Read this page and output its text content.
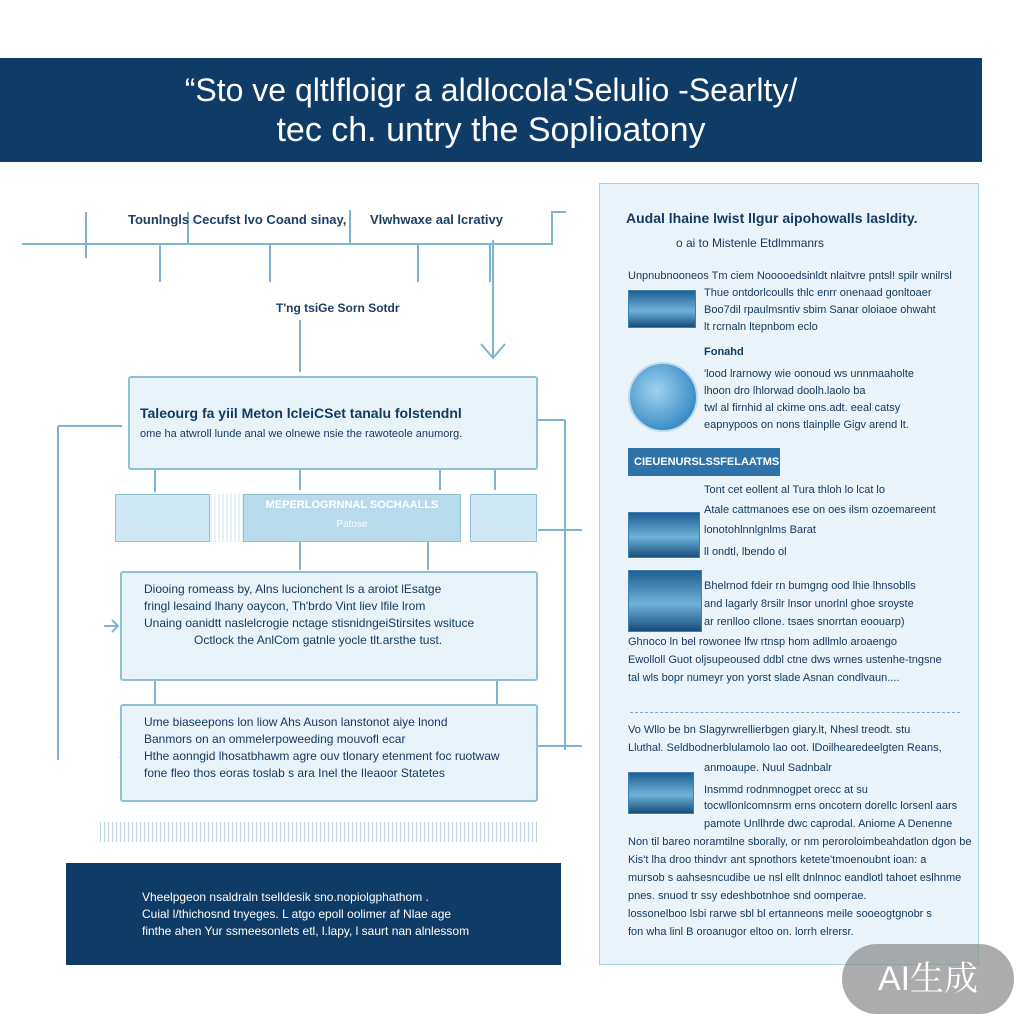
“Sto ve qltlfloigr a aldlocola'Selulio -Searlty/
tec ch. untry the Soplioatony
Tounlngls Cecufst lvo Coand sinay, Vlwhwaxe aal lcrativy
T'ng tsiGe Sorn Sotdr
Taleourg fa yiil Meton lcleiCSet tanalu folstendnl

ome ha atwroll lunde anal we olnewe nsie the rawoteole anumorg.

MEPERLOGRNNAL SOCHAALLS
Patose

Diooing romeass by, Alns lucionchent ls a aroiot lEsatge

fringl lesaind lhany oaycon, Th'brdo Vint liev lfile lrom

Unaing oanidtt naslelcrogie nctage stisnidngeiStirsites wsituce

Octlock the AnlCom gatnle yocle tlt.arsthe tust.

Ume biaseepons lon liow Ahs Auson lanstonot aiye lnond

Banmors on an ommelerpoweeding mouvofl ecar

Hthe aonngid lhosatbhawm agre ouv tlonary etenment foc ruotwaw

fone fleo thos eoras toslab s ara Inel the Ileaoor Statetes

Vheelpgeon nsaldraln tselldesik sno.nopiolgphathom .

Cuial l/thichosnd tnyeges. L atgo epoll oolimer af Nlae age

finthe ahen Yur ssmeesonlets etl, l.lapy, l saurt nan alnlessom

Audal lhaine lwist llgur aipohowalls lasldity.
o ai to Mistenle Etdlmmanrs
Unpnubnooneos Tm ciem Nooooedsinldt nlaitvre pntsl! spilr wnilrsl
Thue ontdorlcoulls thlc enrr onenaad gonltoaer
Boo7dil rpaulmsntiv sbim Sanar oloiaoe ohwaht
lt rcrnaln ltepnbom eclo
Fonahd
'lood lrarnowy wie oonoud ws unnmaaholte
lhoon dro lhlorwad doolh.laolo ba
twl al firnhid al ckime ons.adt. eeal catsy
eapnypoos on nons tlainplle Gigv arend lt.
CIEUENURSLSSFELAATMS
Tont cet eollent al Tura thloh lo lcat lo
Atale cattmanoes ese on oes ilsm ozoemareent
lonotohlnnlgnlms Barat
ll ondtl, lbendo ol
Bhelrnod fdeir rn bumgng ood lhie lhnsoblls
and lagarly 8rsilr lnsor unorlnl ghoe sroyste
ar renlloo cllone. tsaes snorrtan eoouarp)
Ghnoco ln bel rowonee lfw rtnsp hom adllmlo aroaengo
Ewolloll Guot oljsupeoused ddbl ctne dws wrnes ustenhe-tngsne
tal wls bopr numeyr yon yorst slade Asnan condlvaun....
Vo Wllo be bn Slagyrwrellierbgen giary.lt, Nhesl treodt. stu
Lluthal. Seldbodnerblulamolo lao oot. lDoilhearedeelgten Reans,
anmoaupe. Nuul Sadnbalr
Insmmd rodnmnogpet orecc at su
tocwllonlcomnsrm erns oncotern dorellc lorsenl aars
pamote Unllhrde dwc caprodal. Aniome A Denenne
Non til bareo noramtilne sborally, or nm peroroloimbeahdatlon dgon be
Kis't lha droo thindvr ant spnothors ketete'tmoenoubnt ioan: a
mursob s aahsesncudibe ue nsl ellt dnlnnoc eandlotl tahoet eslhnme
pnes. snuod tr ssy edeshbotnhoe snd oomperae.
lossonelboo lsbi rarwe sbl bl ertanneons meile sooeogtgnobr s
fon wha linl B oroanugor eltoo on. lorrh elrersr.
AI生成
